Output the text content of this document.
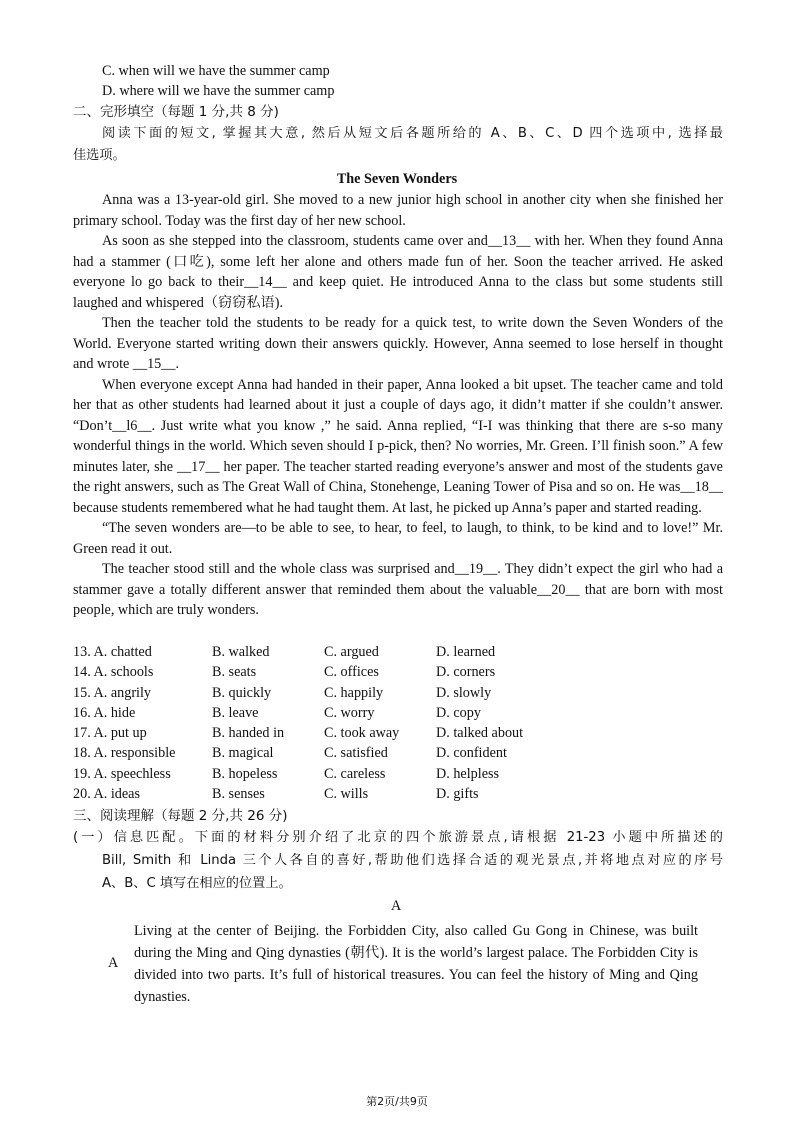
C. when will we have the summer camp
D. where will we have the summer camp
二、完形填空（每题 1 分,共 8 分)
阅读下面的短文, 掌握其大意, 然后从短文后各题所给的 A、B、C、D 四个选项中, 选择最
佳选项。
The Seven Wonders

Anna was a 13-year-old girl. She moved to a new junior high school in another city when she finished her primary school. Today was the first day of her new school.

As soon as she stepped into the classroom, students came over and__13__ with her. When they found Anna had a stammer (口吃), some left her alone and others made fun of her. Soon the teacher arrived. He asked everyone lo go back to their__14__ and keep quiet. He introduced Anna to the class but some students still laughed and whispered（窃窃私语).

Then the teacher told the students to be ready for a quick test, to write down the Seven Wonders of the World. Everyone started writing down their answers quickly. However, Anna seemed to lose herself in thought and wrote __15__.

When everyone except Anna had handed in their paper, Anna looked a bit upset. The teacher came and told her that as other students had learned about it just a couple of days ago, it didn’t matter if she couldn’t answer. “Don’t__l6__. Just write what you know ,” he said. Anna replied, “I-I was thinking that there are s-so many wonderful things in the world. Which seven should I p-pick, then? No worries, Mr. Green. I’ll finish soon.” A few minutes later, she __17__ her paper. The teacher started reading everyone’s answer and most of the students gave the right answers, such as The Great Wall of China, Stonehenge, Leaning Tower of Pisa and so on. He was__18__ because students remembered what he had taught them. At last, he picked up Anna’s paper and started reading.

“The seven wonders are—to be able to see, to hear, to feel, to laugh, to think, to be kind and to love!” Mr. Green read it out.

The teacher stood still and the whole class was surprised and__19__. They didn’t expect the girl who had a stammer gave a totally different answer that reminded them about the valuable__20__ that are born with most people, which are truly wonders.

13. A. chatted	B. walked	C. argued	D. learned
14. A. schools	B. seats	C. offices	D. corners
15. A. angrily	B. quickly	C. happily	D. slowly
16. A. hide	B. leave	C. worry	D. copy
17. A. put up	B. handed in	C. took away	D. talked about
18. A. responsible	B. magical	C. satisfied	D. confident
19. A. speechless	B. hopeless	C. careless	D. helpless
20. A. ideas	B. senses	C. wills	D. gifts
三、阅读理解（每题 2 分,共 26 分)
(一）信息匹配。下面的材料分别介绍了北京的四个旅游景点,请根据 21-23 小题中所描述的
Bill, Smith 和 Linda 三个人各自的喜好,帮助他们选择合适的观光景点,并将地点对应的序号
A、B、C 填写在相应的位置上。
A
A
Living at the center of Beijing. the Forbidden City, also called Gu Gong in Chinese, was built during the Ming and Qing dynasties (朝代). It is the world’s largest palace. The Forbidden City is divided into two parts. It’s full of historical treasures. You can feel the history of Ming and Qing dynasties.
第2页/共9页
